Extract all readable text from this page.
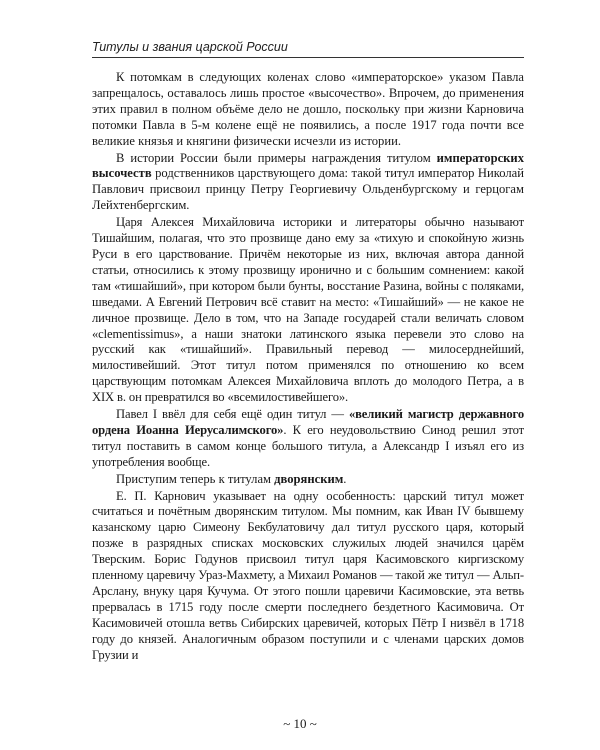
Титулы и звания царской России

К потомкам в следующих коленах слово «императорское» указом Павла запрещалось, оставалось лишь простое «высочество». Впрочем, до применения этих правил в полном объёме дело не дошло, поскольку при жизни Карновича потомки Павла в 5-м колене ещё не появились, а после 1917 года почти все великие князья и княгини физически исчезли из истории.

В истории России были примеры награждения титулом императорских высочеств родственников царствующего дома: такой титул император Николай Павлович присвоил принцу Петру Георгиевичу Ольденбургскому и герцогам Лейхтенбергским.

Царя Алексея Михайловича историки и литераторы обычно называют Тишайшим, полагая, что это прозвище дано ему за «тихую и спокойную жизнь Руси в его царствование. Причём некоторые из них, включая автора данной статьи, относились к этому прозвищу иронично и с большим сомнением: какой там «тишайший», при котором были бунты, восстание Разина, войны с поляками, шведами. А Евгений Петрович всё ставит на место: «Тишайший» — не какое не личное прозвище. Дело в том, что на Западе государей стали величать словом «clementissimus», а наши знатоки латинского языка перевели это слово на русский как «тишайший». Правильный перевод — милосерднейший, милостивейший. Этот титул потом применялся по отношению ко всем царствующим потомкам Алексея Михайловича вплоть до молодого Петра, а в XIX в. он превратился во «всемилостивейшего».

Павел I ввёл для себя ещё один титул — «великий магистр державного ордена Иоанна Иерусалимского». К его неудовольствию Синод решил этот титул поставить в самом конце большого титула, а Александр I изъял его из употребления вообще.

Приступим теперь к титулам дворянским.

Е. П. Карнович указывает на одну особенность: царский титул может считаться и почётным дворянским титулом. Мы помним, как Иван IV бывшему казанскому царю Симеону Бекбулатовичу дал титул русского царя, который позже в разрядных списках московских служилых людей значился царём Тверским. Борис Годунов присвоил титул царя Касимовского киргизскому пленному царевичу Ураз-Махмету, а Михаил Романов — такой же титул — Альп-Арслану, внуку царя Кучума. От этого пошли царевичи Касимовские, эта ветвь прервалась в 1715 году после смерти последнего бездетного Касимовича. От Касимовичей отошла ветвь Сибирских царевичей, которых Пётр I низвёл в 1718 году до князей. Аналогичным образом поступили и с членами царских домов Грузии и

~ 10 ~
